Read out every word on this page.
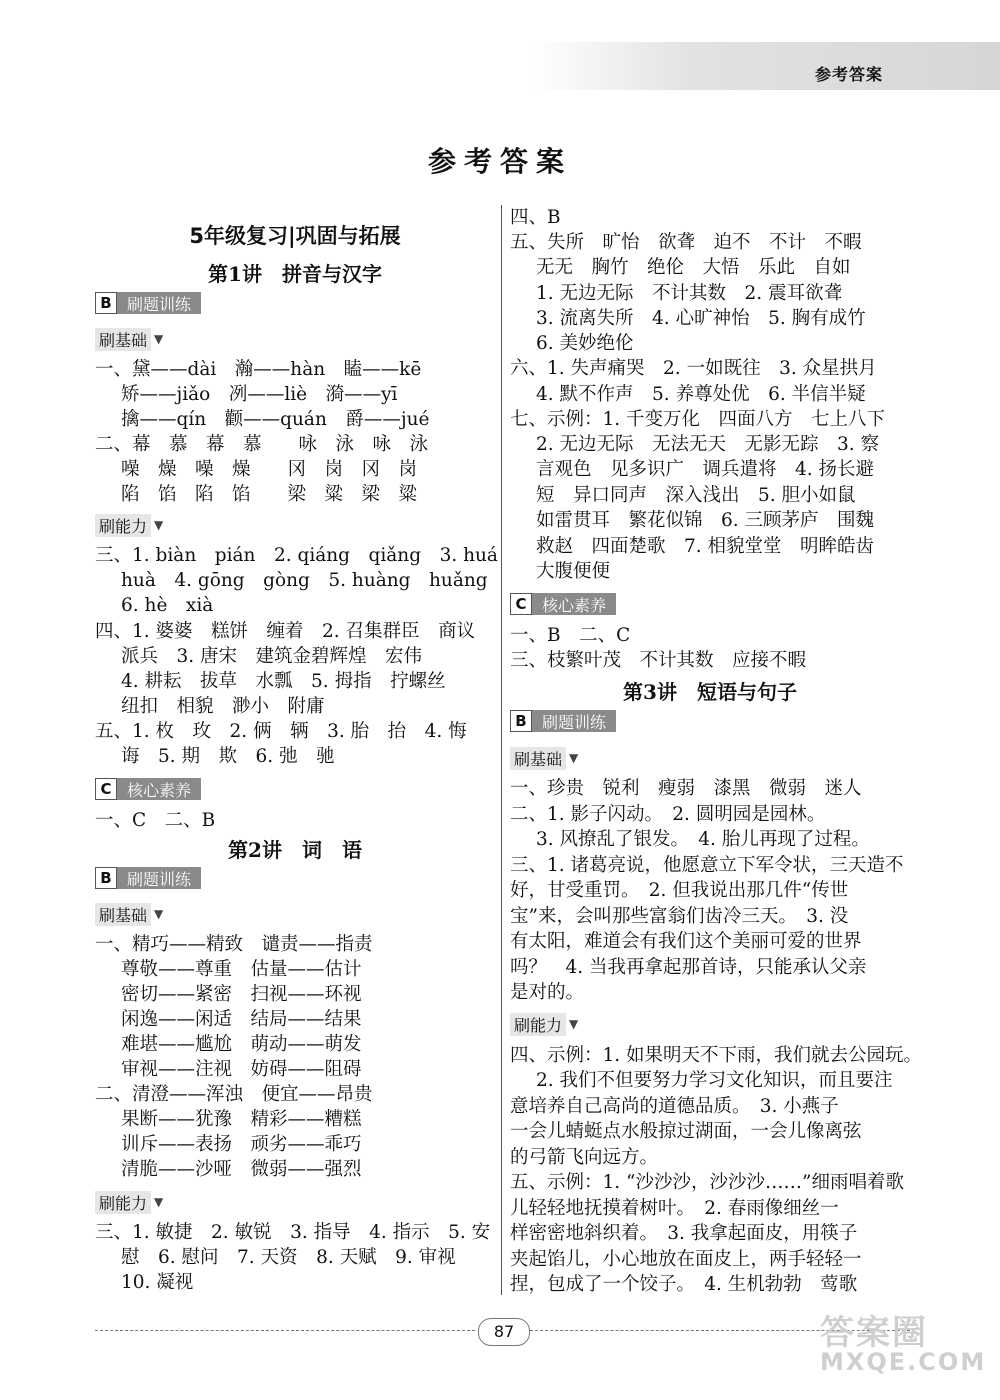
参考答案
参考答案
5年级复习|巩固与拓展
第1讲　拼音与汉字
B 刷题训练
刷基础 ▼
一、黛——dài　瀚——hàn　瞌——kē
矫——jiǎo　冽——liè　漪——yī
擒——qín　颧——quán　爵——jué
二、幕　慕　幕　慕　　咏　泳　咏　泳
噪　燥　噪　燥　　冈　岗　冈　岗
陷　馅　陷　馅　　梁　粱　梁　粱
刷能力 ▼
三、1. biàn　pián　2. qiáng　qiǎng　3. huá
huà　4. gōng　gòng　5. huàng　huǎng
6. hè　xià
四、1. 婆婆　糕饼　缠着　2. 召集群臣　商议
派兵　3. 唐宋　建筑金碧辉煌　宏伟
4. 耕耘　拔草　水瓢　5. 拇指　拧螺丝
纽扣　相貌　渺小　附庸
五、1. 枚　玫　2. 俩　辆　3. 胎　抬　4. 悔
诲　5. 期　欺　6. 弛　驰
C 核心素养
一、C　二、B
第2讲　词　语
B 刷题训练
刷基础 ▼
一、精巧——精致　谴责——指责
尊敬——尊重　估量——估计
密切——紧密　扫视——环视
闲逸——闲适　结局——结果
难堪——尴尬　萌动——萌发
审视——注视　妨碍——阻碍
二、清澄——浑浊　便宜——昂贵
果断——犹豫　精彩——糟糕
训斥——表扬　顽劣——乖巧
清脆——沙哑　微弱——强烈
刷能力 ▼
三、1. 敏捷　2. 敏锐　3. 指导　4. 指示　5. 安
慰　6. 慰问　7. 天资　8. 天赋　9. 审视
10. 凝视
四、B
五、失所　旷怡　欲聋　迫不　不计　不暇
无无　胸竹　绝伦　大悟　乐此　自如
1. 无边无际　不计其数　2. 震耳欲聋
3. 流离失所　4. 心旷神怡　5. 胸有成竹
6. 美妙绝伦
六、1. 失声痛哭　2. 一如既往　3. 众星拱月
4. 默不作声　5. 养尊处优　6. 半信半疑
七、示例：1. 千变万化　四面八方　七上八下
2. 无边无际　无法无天　无影无踪　3. 察
言观色　见多识广　调兵遣将　4. 扬长避
短　异口同声　深入浅出　5. 胆小如鼠
如雷贯耳　繁花似锦　6. 三顾茅庐　围魏
救赵　四面楚歌　7. 相貌堂堂　明眸皓齿
大腹便便
C 核心素养
一、B　二、C
三、枝繁叶茂　不计其数　应接不暇
第3讲　短语与句子
B 刷题训练
刷基础 ▼
一、珍贵　锐利　瘦弱　漆黑　微弱　迷人
二、1. 影子闪动。　2. 圆明园是园林。
3. 风撩乱了银发。　4. 胎儿再现了过程。
三、1. 诸葛亮说，他愿意立下军令状，三天造不
好，甘受重罚。　2. 但我说出那几件“传世
宝”来，会叫那些富翁们齿冷三天。　3. 没
有太阳，难道会有我们这个美丽可爱的世界
吗？　4. 当我再拿起那首诗，只能承认父亲
是对的。
刷能力 ▼
四、示例：1. 如果明天不下雨，我们就去公园玩。
2. 我们不但要努力学习文化知识，而且要注
意培养自己高尚的道德品质。　3. 小燕子
一会儿蜻蜓点水般掠过湖面，一会儿像离弦
的弓箭飞向远方。
五、示例：1. “沙沙沙，沙沙沙……”细雨唱着歌
儿轻轻地抚摸着树叶。　2. 春雨像细丝一
样密密地斜织着。　3. 我拿起面皮，用筷子
夹起馅儿，小心地放在面皮上，两手轻轻一
捏，包成了一个饺子。　4. 生机勃勃　莺歌
87	答案圈
MXQE.COM
